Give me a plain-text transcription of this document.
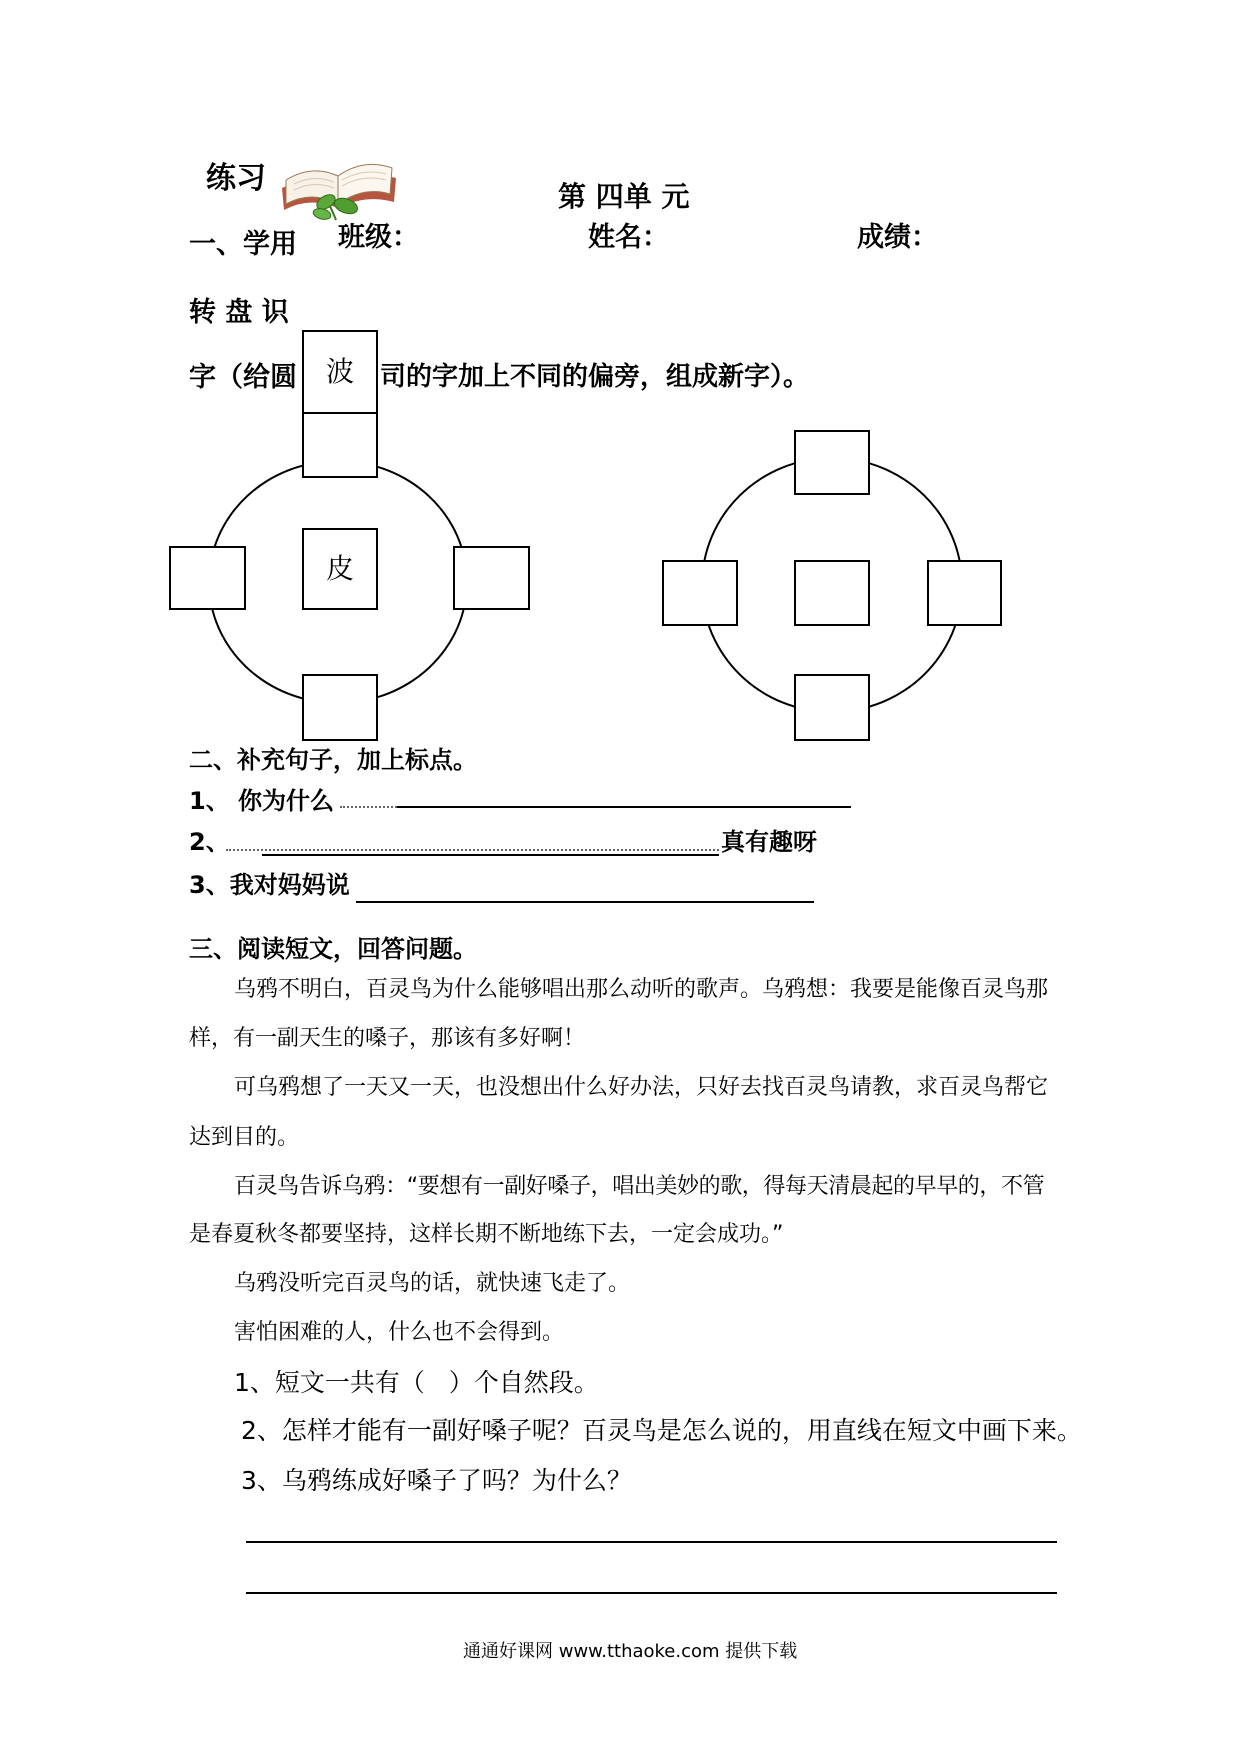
练习
第 四单 元
一、学用 班级：	姓名：	成绩：
转 盘 识
字（给圆	司的字加上不同的偏旁，组成新字）。
波
皮
二、补充句子，加上标点。
1、 你为什么
2、	真有趣呀
3、我对妈妈说
三、阅读短文，回答问题。
乌鸦不明白，百灵鸟为什么能够唱出那么动听的歌声。乌鸦想：我要是能像百灵鸟那
样，有一副天生的嗓子，那该有多好啊！
可乌鸦想了一天又一天，也没想出什么好办法，只好去找百灵鸟请教，求百灵鸟帮它
达到目的。
百灵鸟告诉乌鸦：“要想有一副好嗓子，唱出美妙的歌，得每天清晨起的早早的，不管
是春夏秋冬都要坚持，这样长期不断地练下去，一定会成功。”
乌鸦没听完百灵鸟的话，就快速飞走了。
害怕困难的人，什么也不会得到。
1、短文一共有（   ）个自然段。
2、怎样才能有一副好嗓子呢？百灵鸟是怎么说的，用直线在短文中画下来。
3、乌鸦练成好嗓子了吗？为什么？
通通好课网 www.tthaoke.com 提供下载
